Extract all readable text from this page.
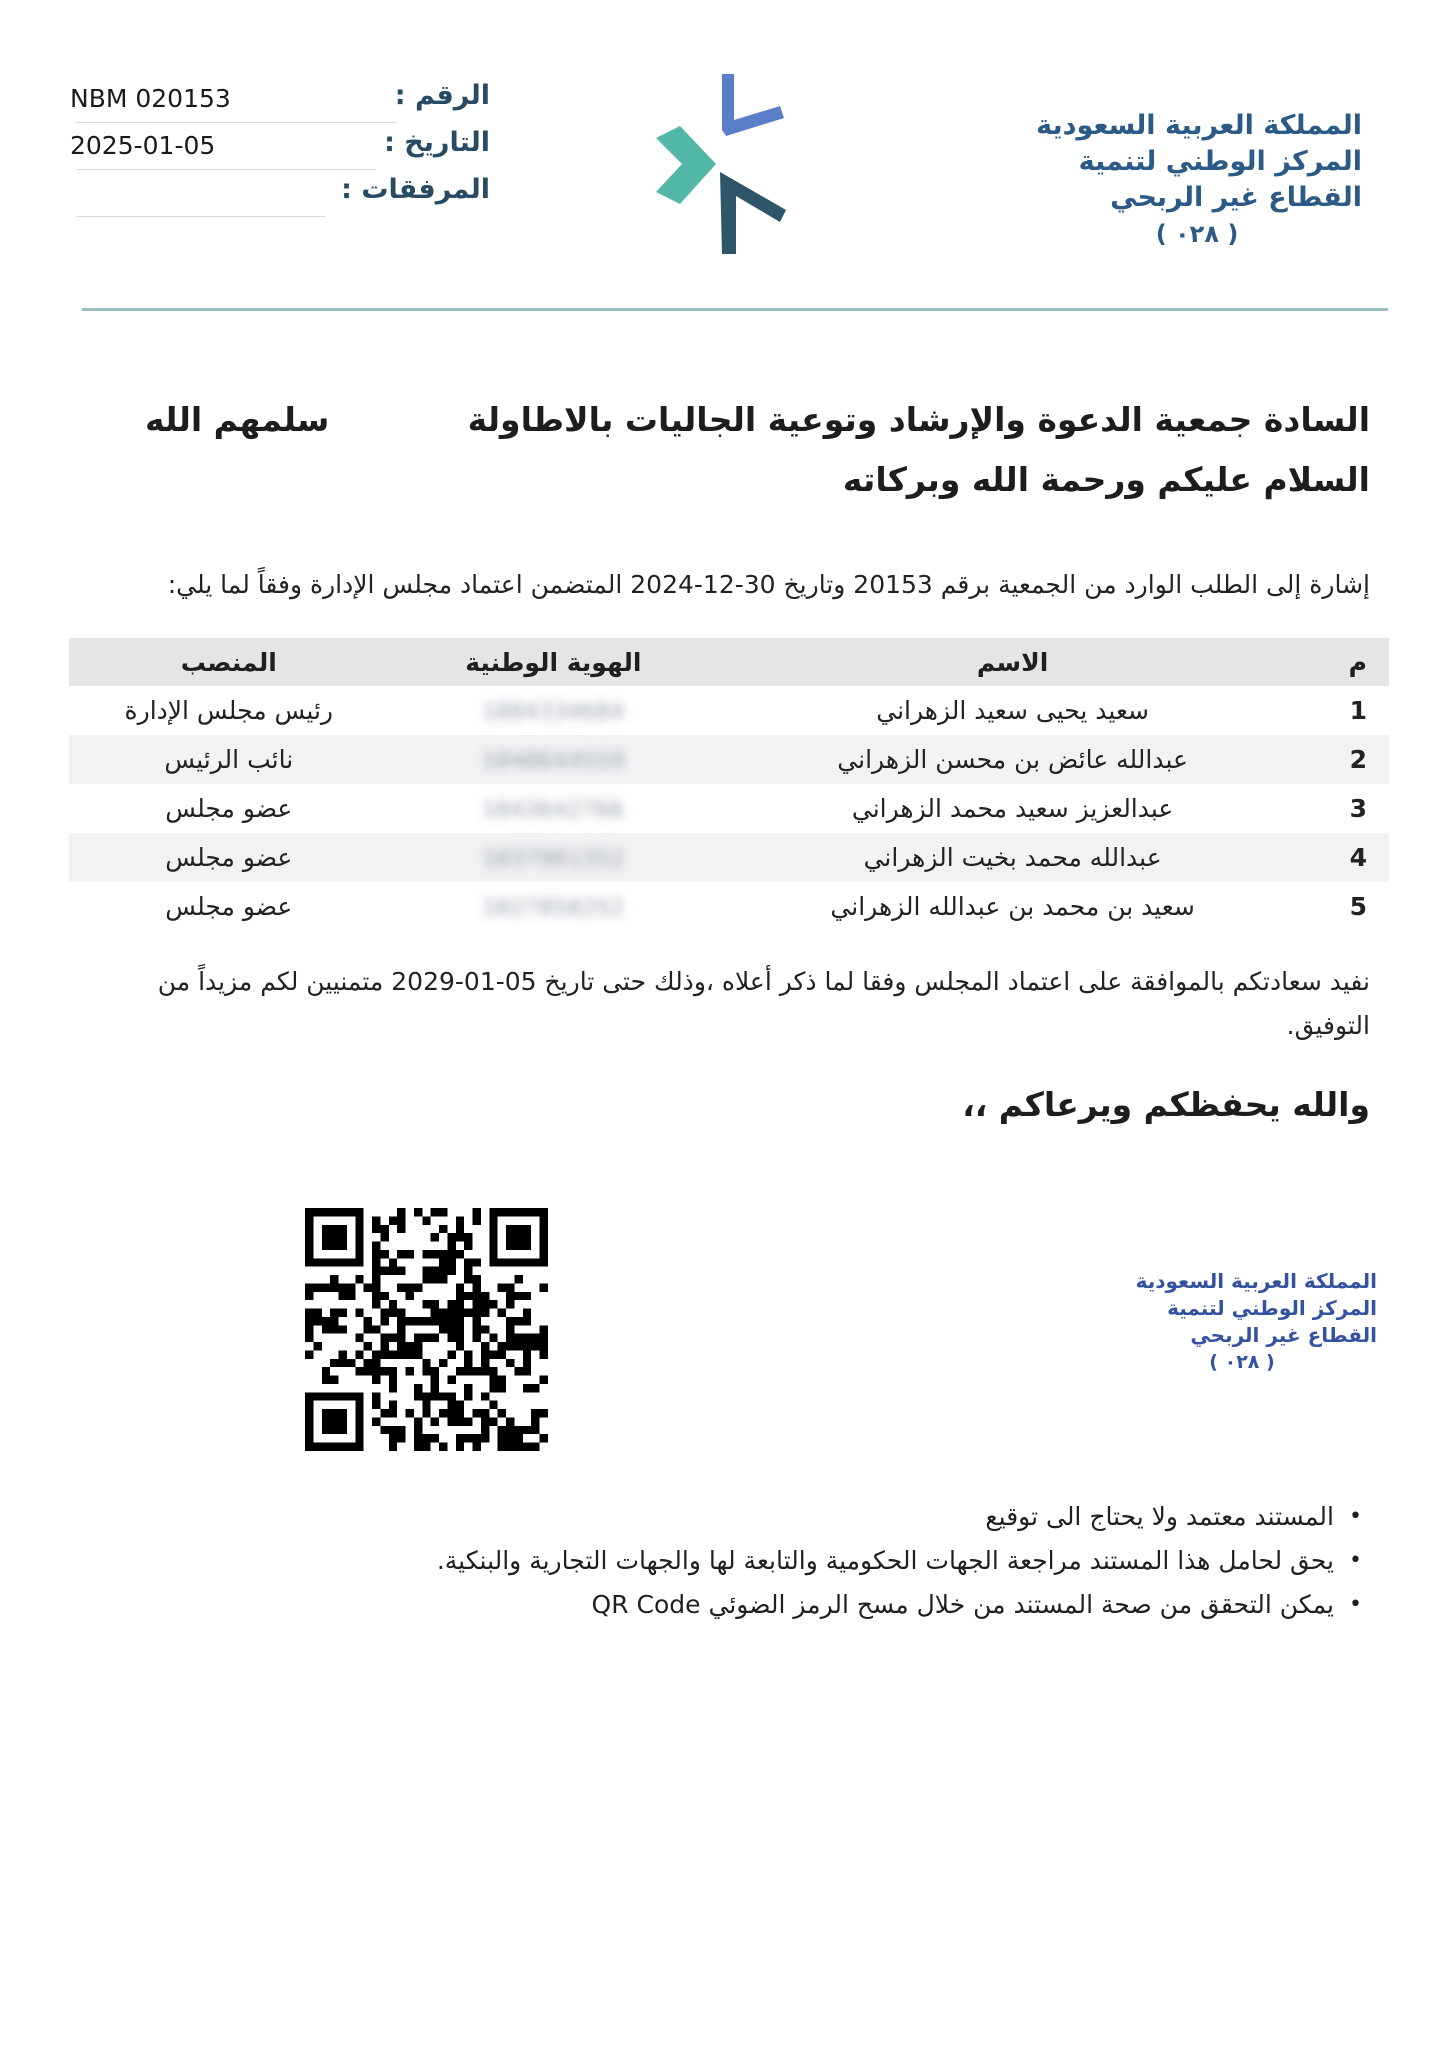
NBM 020153	الرقم :
2025-01-05	التاريخ :
المرفقات :
المملكة العربية السعودية
المركز الوطني لتنمية
القطاع غير الربحي
( ٠٢٨ )
السادة جمعية الدعوة والإرشاد وتوعية الجاليات بالاطاولة
سلمهم الله
السلام عليكم ورحمة الله وبركاته
إشارة إلى الطلب الوارد من الجمعية برقم 20153 وتاريخ 30-12-2024 المتضمن اعتماد مجلس الإدارة وفقاً لما يلي:
م	الاسم	الهوية الوطنية	المنصب
1	سعيد يحيى سعيد الزهراني	1004334684	رئيس مجلس الإدارة
2	عبدالله عائض بن محسن الزهراني	1040644559	نائب الرئيس
3	عبدالعزيز سعيد محمد الزهراني	1043642766	عضو مجلس
4	عبدالله محمد بخيت الزهراني	1037981352	عضو مجلس
5	سعيد بن محمد بن عبدالله الزهراني	1027058252	عضو مجلس
نفيد سعادتكم بالموافقة على اعتماد المجلس وفقا لما ذكر أعلاه ،وذلك حتى تاريخ 05-01-2029 متمنيين لكم مزيداً من التوفيق.
والله يحفظكم ويرعاكم ،،
المملكة العربية السعودية
المركز الوطني لتنمية
القطاع غير الربحي
( ٠٢٨ )
•
المستند معتمد ولا يحتاج الى توقيع
•
يحق لحامل هذا المستند مراجعة الجهات الحكومية والتابعة لها والجهات التجارية والبنكية.
•
يمكن التحقق من صحة المستند من خلال مسح الرمز الضوئي QR Code
